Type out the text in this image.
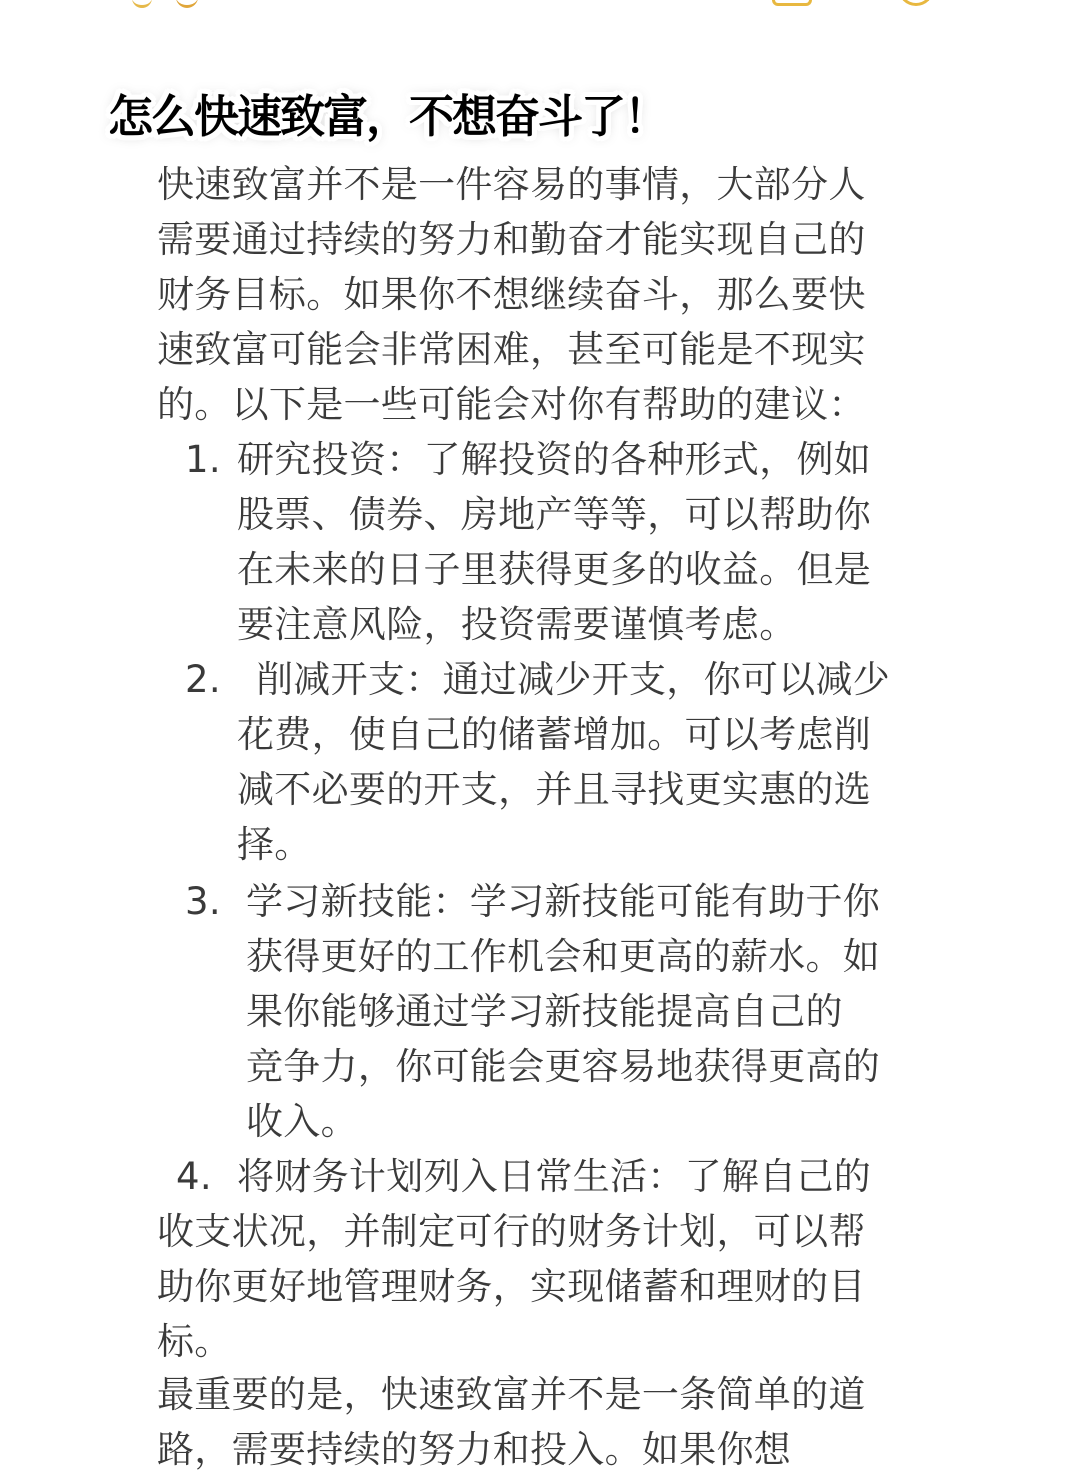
怎么快速致富，不想奋斗了！

快速致富并不是一件容易的事情，大部分人

需要通过持续的努力和勤奋才能实现自己的

财务目标。如果你不想继续奋斗，那么要快

速致富可能会非常困难，甚至可能是不现实

的。以下是一些可能会对你有帮助的建议：

1. 研究投资：了解投资的各种形式，例如

股票、债券、房地产等等，可以帮助你

在未来的日子里获得更多的收益。但是

要注意风险，投资需要谨慎考虑。

2. 削减开支：通过减少开支，你可以减少

花费，使自己的储蓄增加。可以考虑削

减不必要的开支，并且寻找更实惠的选

择。

3. 学习新技能：学习新技能可能有助于你

获得更好的工作机会和更高的薪水。如

果你能够通过学习新技能提高自己的

竞争力，你可能会更容易地获得更高的

收入。

4. 将财务计划列入日常生活：了解自己的

收支状况，并制定可行的财务计划，可以帮

助你更好地管理财务，实现储蓄和理财的目

标。

最重要的是，快速致富并不是一条简单的道

路，需要持续的努力和投入。如果你想
